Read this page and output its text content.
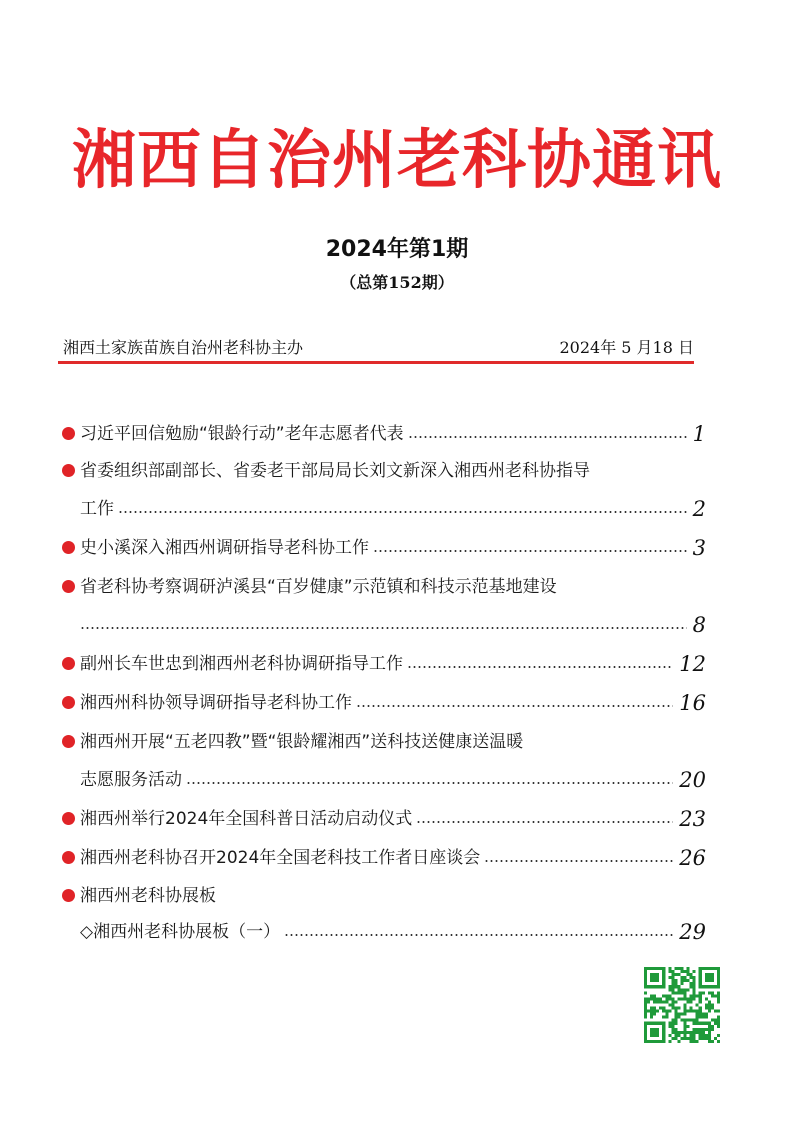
湘西自治州老科协通讯
2024年第1期
（总第152期）
湘西土家族苗族自治州老科协主办	2024年 5 月18 日
习近平回信勉励“银龄行动”老年志愿者代表	1
省委组织部副部长、省委老干部局局长刘文新深入湘西州老科协指导
工作	2
史小溪深入湘西州调研指导老科协工作	3
省老科协考察调研泸溪县“百岁健康”示范镇和科技示范基地建设
8
副州长车世忠到湘西州老科协调研指导工作	12
湘西州科协领导调研指导老科协工作	16
湘西州开展“五老四教”暨“银龄耀湘西”送科技送健康送温暖
志愿服务活动	20
湘西州举行2024年全国科普日活动启动仪式	23
湘西州老科协召开2024年全国老科技工作者日座谈会	26
湘西州老科协展板
◇湘西州老科协展板（一）	29
